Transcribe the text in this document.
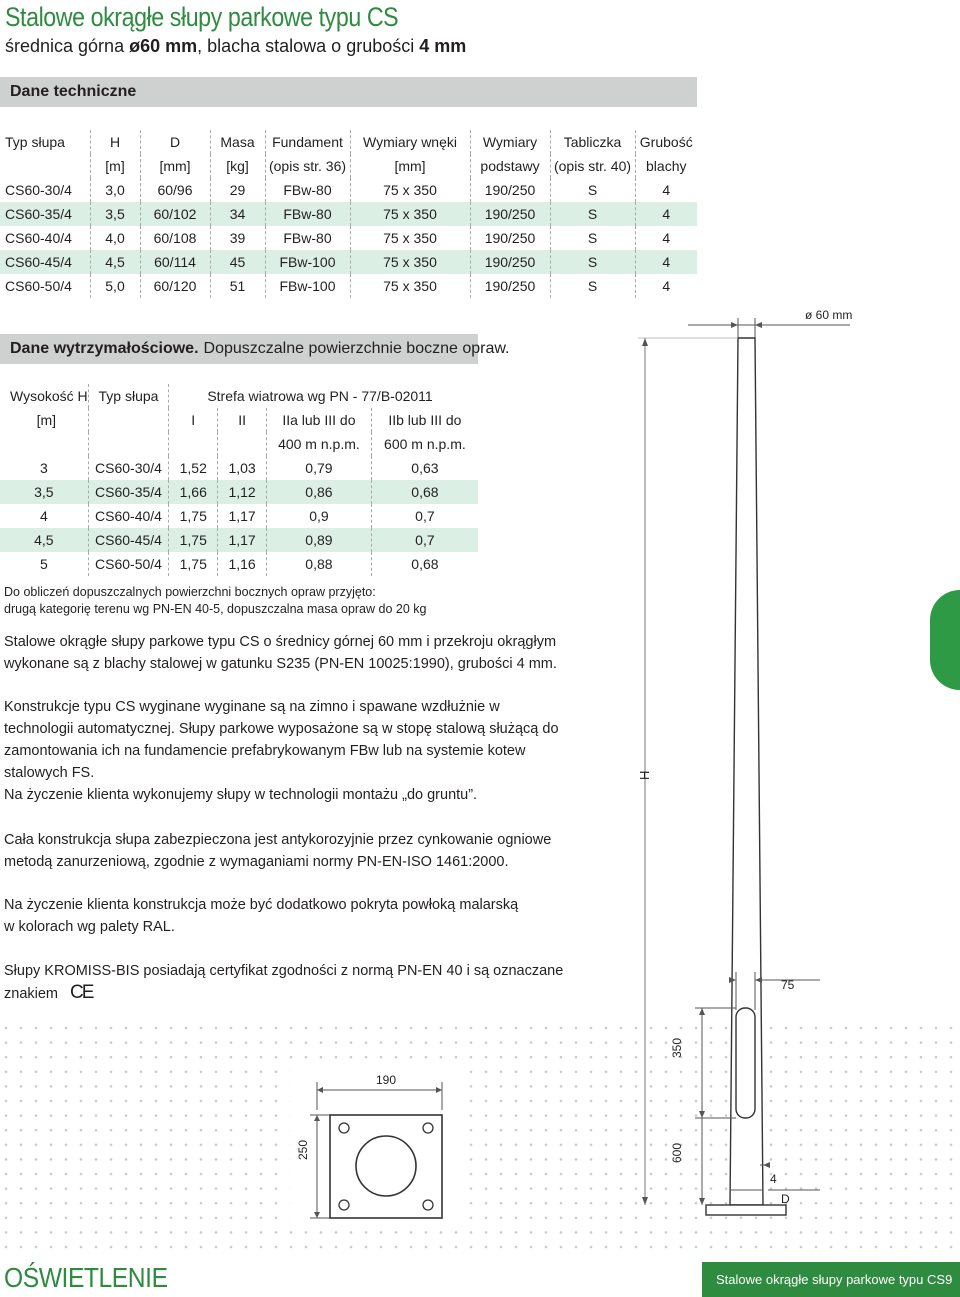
Stalowe okrągłe słupy parkowe typu CS
średnica górna ø60 mm, blacha stalowa o grubości 4 mm
Dane techniczne
Typ słupa	H	D	Masa	Fundament	Wymiary wnęki	Wymiary	Tabliczka	Grubość
	[m]	[mm]	[kg]	(opis str. 36)	[mm]	podstawy	(opis str. 40)	blachy
CS60-30/4	3,0	60/96	29	FBw-80	75 x 350	190/250	S	4
CS60-35/4	3,5	60/102	34	FBw-80	75 x 350	190/250	S	4
CS60-40/4	4,0	60/108	39	FBw-80	75 x 350	190/250	S	4
CS60-45/4	4,5	60/114	45	FBw-100	75 x 350	190/250	S	4
CS60-50/4	5,0	60/120	51	FBw-100	75 x 350	190/250	S	4
Dane wytrzymałościowe. Dopuszczalne powierzchnie boczne opraw.
Wysokość H	Typ słupa	Strefa wiatrowa wg PN - 77/B-02011			
[m]		I	II	IIa lub III do	IIb lub III do
				400 m n.p.m.	600 m n.p.m.
3	CS60-30/4	1,52	1,03	0,79	0,63
3,5	CS60-35/4	1,66	1,12	0,86	0,68
4	CS60-40/4	1,75	1,17	0,9	0,7
4,5	CS60-45/4	1,75	1,17	0,89	0,7
5	CS60-50/4	1,75	1,16	0,88	0,68
Do obliczeń dopuszczalnych powierzchni bocznych opraw przyjęto:
drugą kategorię terenu wg PN-EN 40-5, dopuszczalna masa opraw do 20 kg
Stalowe okrągłe słupy parkowe typu CS o średnicy górnej 60 mm i przekroju okrągłym
wykonane są z blachy stalowej w gatunku S235 (PN-EN 10025:1990), grubości 4 mm.
Konstrukcje typu CS wyginane wyginane są na zimno i spawane wzdłużnie w
technologii automatycznej. Słupy parkowe wyposażone są w stopę stalową służącą do
zamontowania ich na fundamencie prefabrykowanym FBw lub na systemie kotew
stalowych FS.
Na życzenie klienta wykonujemy słupy w technologii montażu „do gruntu”.
Cała konstrukcja słupa zabezpieczona jest antykorozyjnie przez cynkowanie ogniowe
metodą zanurzeniową, zgodnie z wymaganiami normy PN-EN-ISO 1461:2000.
Na życzenie klienta konstrukcja może być dodatkowo pokryta powłoką malarską
w kolorach wg palety RAL.
Słupy KROMISS-BIS posiadają certyfikat zgodności z normą PN-EN 40 i są oznaczane
znakiem CE
190
250
ø 60 mm
H
75
350
600
4
D
OŚWIETLENIE	Stalowe okrągłe słupy parkowe typu CS 9
